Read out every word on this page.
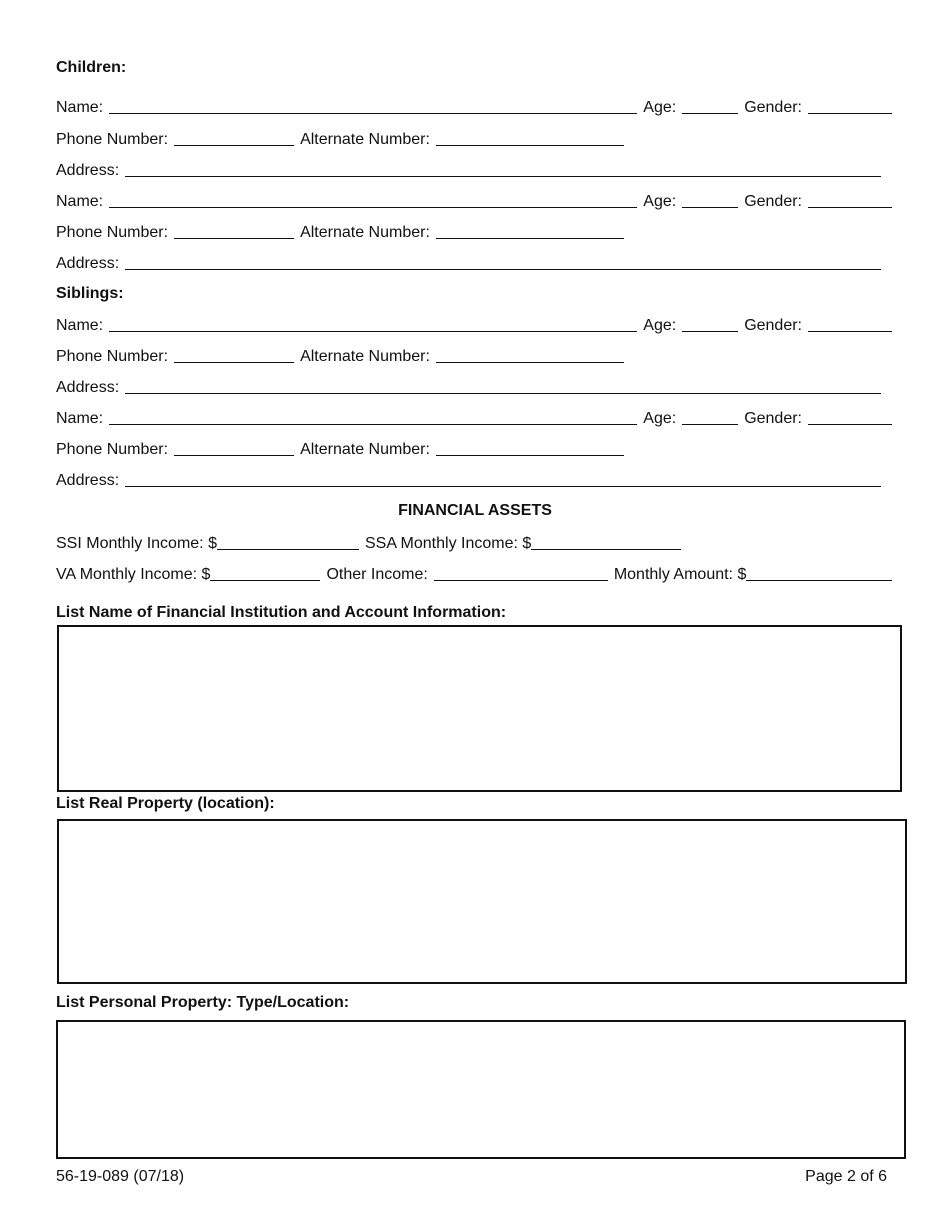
Children:
Name:	Age:	Gender:
Phone Number:	Alternate Number:
Address:
Name:	Age:	Gender:
Phone Number:	Alternate Number:
Address:
Siblings:
Name:	Age:	Gender:
Phone Number:	Alternate Number:
Address:
Name:	Age:	Gender:
Phone Number:	Alternate Number:
Address:
FINANCIAL ASSETS
SSI Monthly Income: $	SSA Monthly Income: $
VA Monthly Income: $	Other Income:	Monthly Amount: $
List Name of Financial Institution and Account Information:
List Real Property (location):
List Personal Property: Type/Location:
56-19-089 (07/18)	Page 2 of 6
